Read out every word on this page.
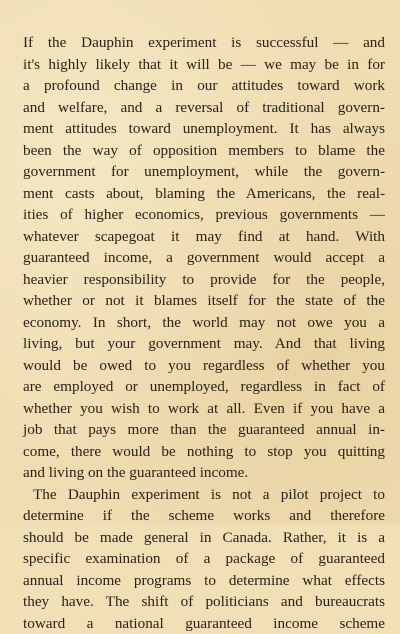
If the Dauphin experiment is successful — and
it's highly likely that it will be — we may be in for
a profound change in our attitudes toward work
and welfare, and a reversal of traditional govern-
ment attitudes toward unemployment. It has always
been the way of opposition members to blame the
government for unemployment, while the govern-
ment casts about, blaming the Americans, the real-
ities of higher economics, previous governments —
whatever scapegoat it may find at hand. With
guaranteed income, a government would accept a
heavier responsibility to provide for the people,
whether or not it blames itself for the state of the
economy. In short, the world may not owe you a
living, but your government may. And that living
would be owed to you regardless of whether you
are employed or unemployed, regardless in fact of
whether you wish to work at all. Even if you have a
job that pays more than the guaranteed annual in-
come, there would be nothing to stop you quitting
and living on the guaranteed income.
The Dauphin experiment is not a pilot project to
determine if the scheme works and therefore
should be made general in Canada. Rather, it is a
specific examination of a package of guaranteed
annual income programs to determine what effects
they have. The shift of politicians and bureaucrats
toward a national guaranteed income scheme
